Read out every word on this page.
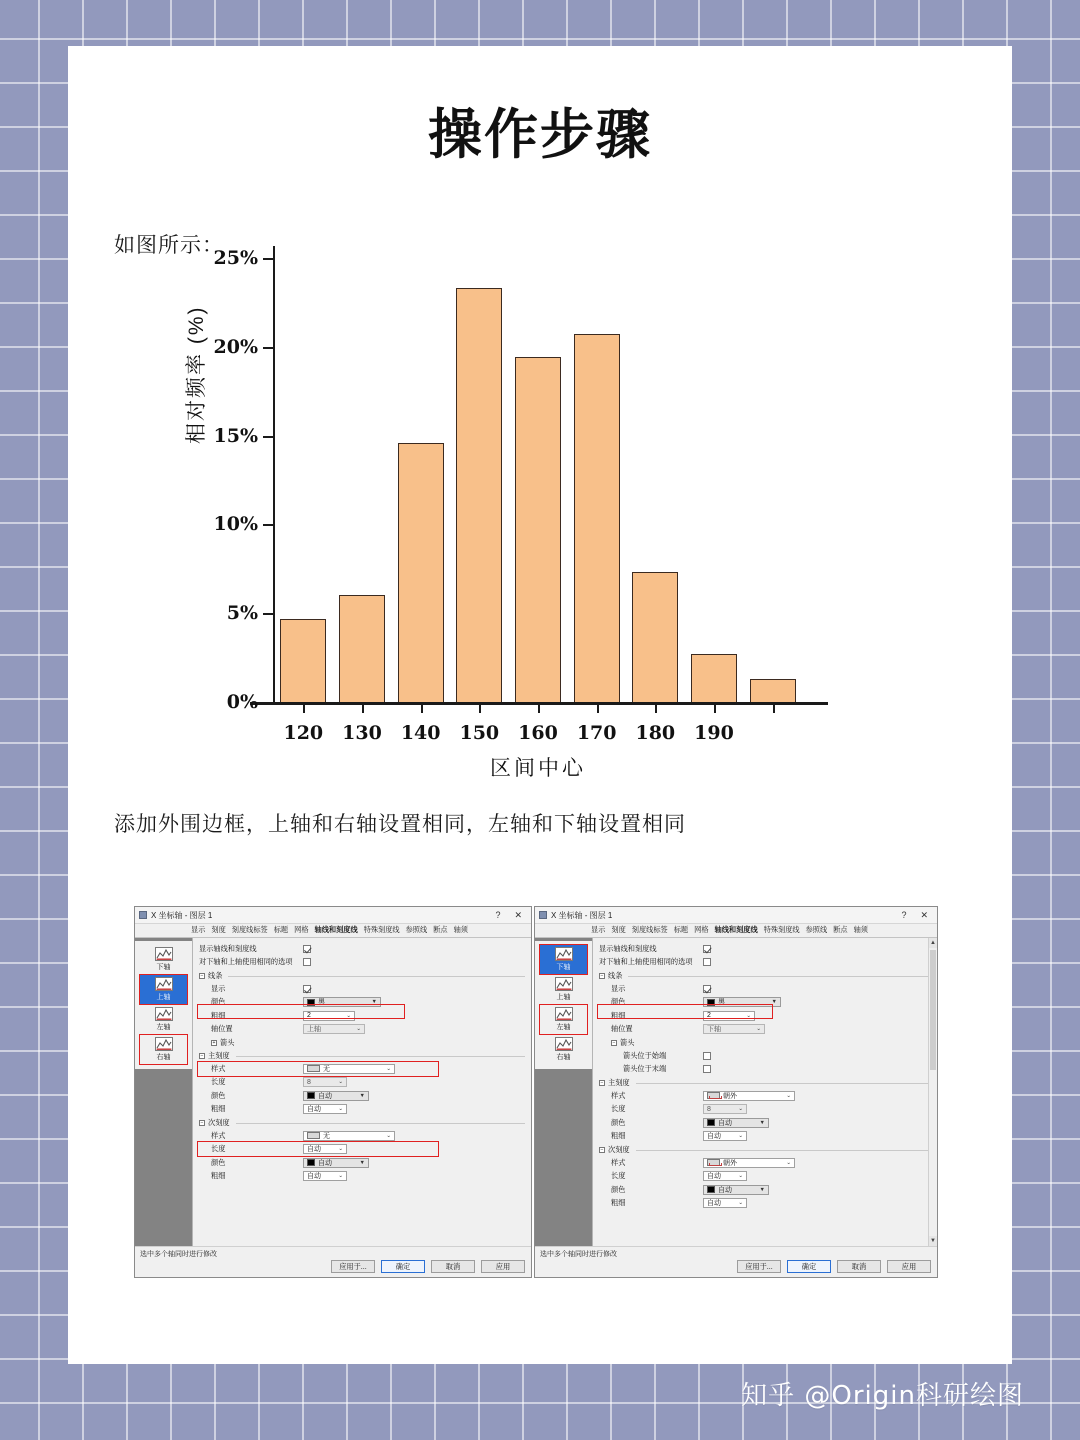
操作步骤

如图所示：

相对频率 (%)
0%
5%
10%
15%
20%
25%
120 130 140 150 160 170 180 190
区间中心

添加外围边框，上轴和右轴设置相同，左轴和下轴设置相同

X 坐标轴 - 图层 1	?	✕
显示 刻度 刻度线标签 标题 网格 轴线和刻度线 特殊刻度线 参照线 断点 轴须
下轴
上轴
左轴
右轴
显示轴线和刻度线
对下轴和上轴使用相同的选项
− 线条
显示
颜色	黑	▼
粗细	2	⌄
轴位置	上轴	⌄
+ 箭头
− 主刻度
样式	无	⌄
长度	8	⌄
颜色	自动	▼
粗细	自动	⌄
− 次刻度
样式	无	⌄
长度	自动	⌄
颜色	自动	▼
粗细	自动	⌄
选中多个轴同时进行修改
应用于...	确定	取消	应用
X 坐标轴 - 图层 1	?	✕
显示 刻度 刻度线标签 标题 网格 轴线和刻度线 特殊刻度线 参照线 断点 轴须
下轴
上轴
左轴
右轴
显示轴线和刻度线
对下轴和上轴使用相同的选项
− 线条
显示
颜色	黑	▼
粗细	2	⌄
轴位置	下轴	⌄
− 箭头
箭头位于始端
箭头位于末端
− 主刻度
样式	朝外	⌄
长度	8	⌄
颜色	自动	▼
粗细	自动	⌄
− 次刻度
样式	朝外	⌄
长度	自动	⌄
颜色	自动	▼
粗细	自动	⌄
▲
▼
选中多个轴同时进行修改
应用于...	确定	取消	应用
知乎 @Origin科研绘图
